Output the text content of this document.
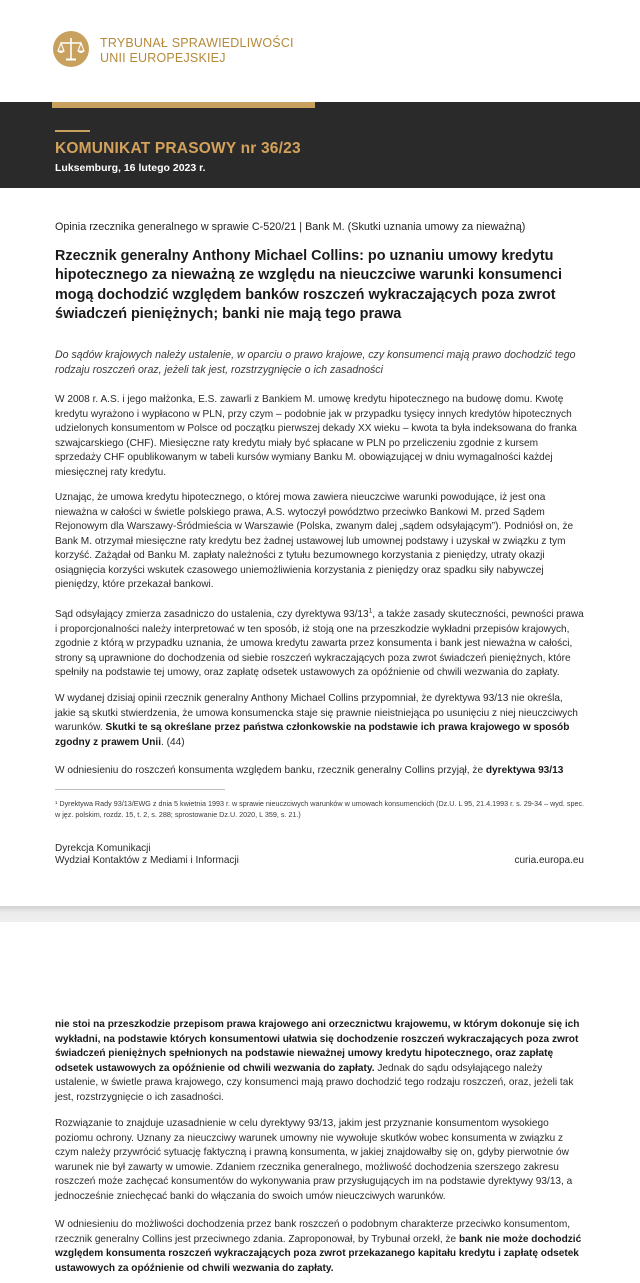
TRYBUNAŁ SPRAWIEDLIWOŚCI
UNII EUROPEJSKIEJ
KOMUNIKAT PRASOWY nr 36/23
Luksemburg, 16 lutego 2023 r.
Opinia rzecznika generalnego w sprawie C-520/21 | Bank M. (Skutki uznania umowy za nieważną)
Rzecznik generalny Anthony Michael Collins: po uznaniu umowy kredytu hipotecznego za nieważną ze względu na nieuczciwe warunki konsumenci mogą dochodzić względem banków roszczeń wykraczających poza zwrot świadczeń pieniężnych; banki nie mają tego prawa
Do sądów krajowych należy ustalenie, w oparciu o prawo krajowe, czy konsumenci mają prawo dochodzić tego rodzaju roszczeń oraz, jeżeli tak jest, rozstrzygnięcie o ich zasadności
W 2008 r. A.S. i jego małżonka, E.S. zawarli z Bankiem M. umowę kredytu hipotecznego na budowę domu. Kwotę kredytu wyrażono i wypłacono w PLN, przy czym – podobnie jak w przypadku tysięcy innych kredytów hipotecznych udzielonych konsumentom w Polsce od początku pierwszej dekady XX wieku – kwota ta była indeksowana do franka szwajcarskiego (CHF). Miesięczne raty kredytu miały być spłacane w PLN po przeliczeniu zgodnie z kursem sprzedaży CHF opublikowanym w tabeli kursów wymiany Banku M. obowiązującej w dniu wymagalności każdej miesięcznej raty kredytu.
Uznając, że umowa kredytu hipotecznego, o której mowa zawiera nieuczciwe warunki powodujące, iż jest ona nieważna w całości w świetle polskiego prawa, A.S. wytoczył powództwo przeciwko Bankowi M. przed Sądem Rejonowym dla Warszawy-Śródmieścia w Warszawie (Polska, zwanym dalej „sądem odsyłającym”). Podniósł on, że Bank M. otrzymał miesięczne raty kredytu bez żadnej ustawowej lub umownej podstawy i uzyskał w związku z tym korzyść. Zażądał od Banku M. zapłaty należności z tytułu bezumownego korzystania z pieniędzy, utraty okazji osiągnięcia korzyści wskutek czasowego uniemożliwienia korzystania z pieniędzy oraz spadku siły nabywczej pieniędzy, które przekazał bankowi.
Sąd odsyłający zmierza zasadniczo do ustalenia, czy dyrektywa $93/13^1$, a także zasady skuteczności, pewności prawa i proporcjonalności należy interpretować w ten sposób, iż stoją one na przeszkodzie wykładni przepisów krajowych, zgodnie z którą w przypadku uznania, że umowa kredytu zawarta przez konsumenta i bank jest nieważna w całości, strony są uprawnione do dochodzenia od siebie roszczeń wykraczających poza zwrot świadczeń pieniężnych, które spełniły na podstawie tej umowy, oraz zapłatę odsetek ustawowych za opóźnienie od chwili wezwania do zapłaty.
W wydanej dzisiaj opinii rzecznik generalny Anthony Michael Collins przypomniał, że dyrektywa 93/13 nie określa, jakie są skutki stwierdzenia, że umowa konsumencka staje się prawnie nieistniejąca po usunięciu z niej nieuczciwych warunków. Skutki te są określane przez państwa członkowskie na podstawie ich prawa krajowego w sposób zgodny z prawem Unii. (44)
W odniesieniu do roszczeń konsumenta względem banku, rzecznik generalny Collins przyjął, że dyrektywa 93/13
¹ Dyrektywa Rady 93/13/EWG z dnia 5 kwietnia 1993 r. w sprawie nieuczciwych warunków w umowach konsumenckich (Dz.U. L 95, 21.4.1993 r. s. 29-34 – wyd. spec. w jęz. polskim, rozdz. 15, t. 2, s. 288; sprostowanie Dz.U. 2020, L 359, s. 21.)
Dyrekcja Komunikacji
Wydział Kontaktów z Mediami i Informacji	curia.europa.eu
nie stoi na przeszkodzie przepisom prawa krajowego ani orzecznictwu krajowemu, w którym dokonuje się ich wykładni, na podstawie których konsumentowi ułatwia się dochodzenie roszczeń wykraczających poza zwrot świadczeń pieniężnych spełnionych na podstawie nieważnej umowy kredytu hipotecznego, oraz zapłatę odsetek ustawowych za opóźnienie od chwili wezwania do zapłaty. Jednak do sądu odsyłającego należy ustalenie, w świetle prawa krajowego, czy konsumenci mają prawo dochodzić tego rodzaju roszczeń, oraz, jeżeli tak jest, rozstrzygnięcie o ich zasadności.
Rozwiązanie to znajduje uzasadnienie w celu dyrektywy 93/13, jakim jest przyznanie konsumentom wysokiego poziomu ochrony. Uznany za nieuczciwy warunek umowny nie wywołuje skutków wobec konsumenta w związku z czym należy przywrócić sytuację faktyczną i prawną konsumenta, w jakiej znajdowałby się on, gdyby pierwotnie ów warunek nie był zawarty w umowie. Zdaniem rzecznika generalnego, możliwość dochodzenia szerszego zakresu roszczeń może zachęcać konsumentów do wykonywania praw przysługujących im na podstawie dyrektywy 93/13, a jednocześnie zniechęcać banki do włączania do swoich umów nieuczciwych warunków.
W odniesieniu do możliwości dochodzenia przez bank roszczeń o podobnym charakterze przeciwko konsumentom, rzecznik generalny Collins jest przeciwnego zdania. Zaproponował, by Trybunał orzekł, że bank nie może dochodzić względem konsumenta roszczeń wykraczających poza zwrot przekazanego kapitału kredytu i zapłatę odsetek ustawowych za opóźnienie od chwili wezwania do zapłaty.
